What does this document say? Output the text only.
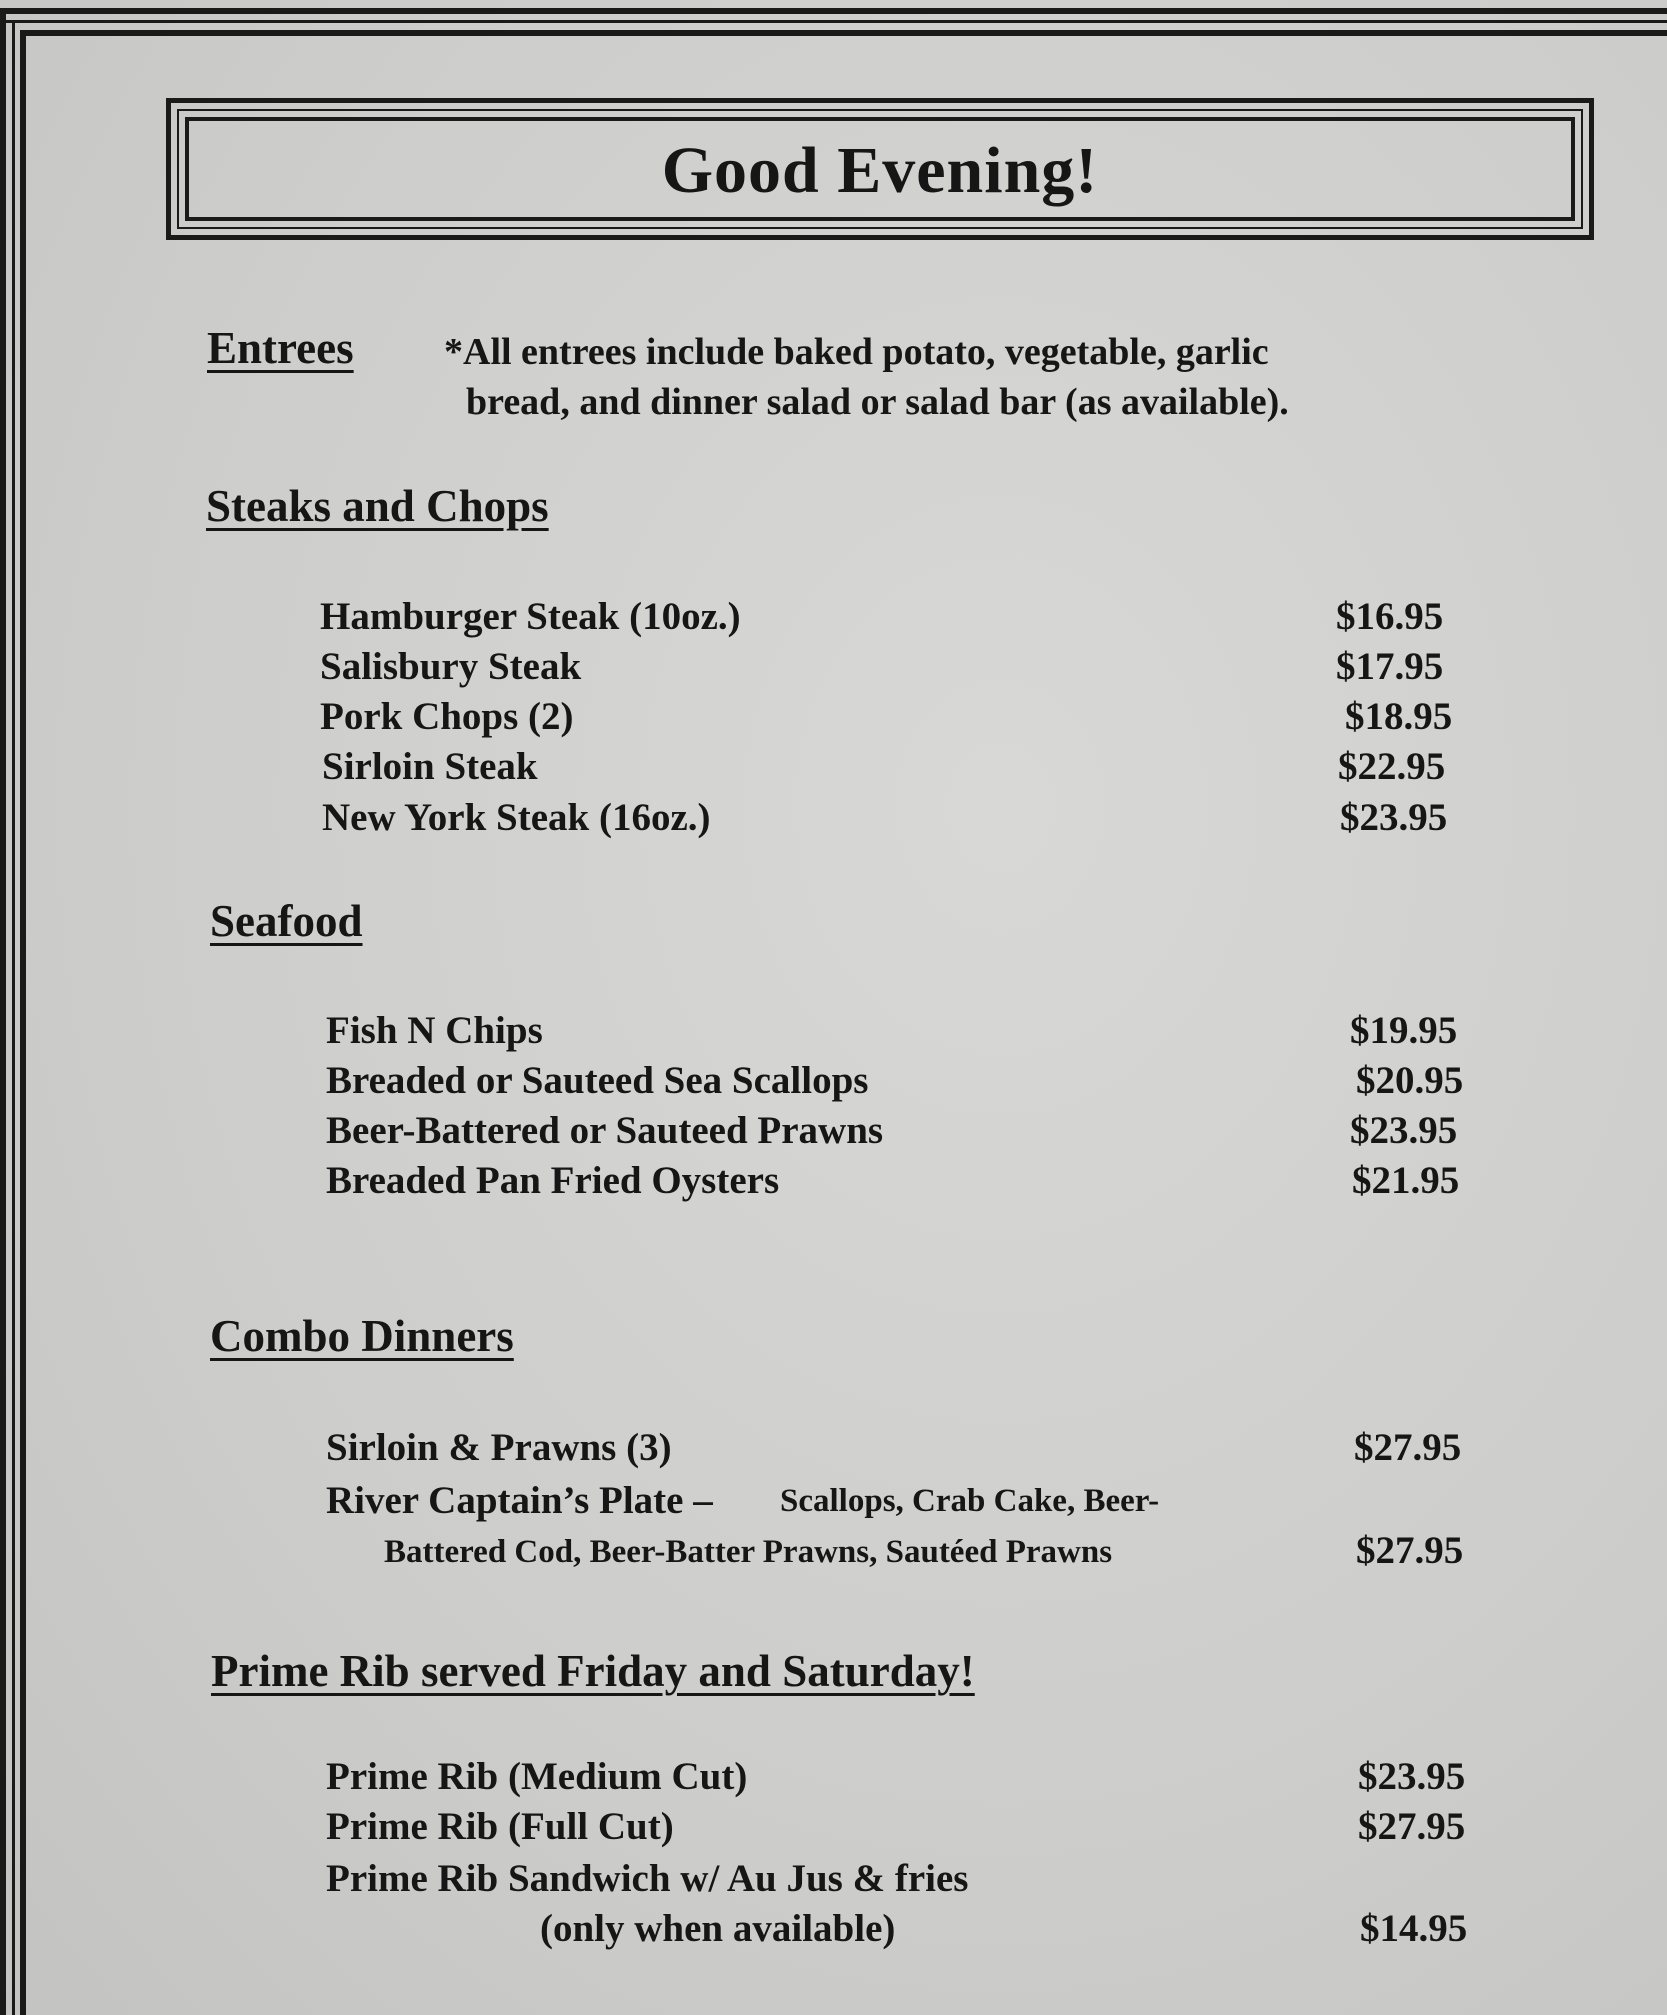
Good Evening!
Entrees *All entrees include baked potato, vegetable, garlic
bread, and dinner salad or salad bar (as available).
Steaks and Chops
Hamburger Steak (10oz.)	$16.95
Salisbury Steak	$17.95
Pork Chops (2)	$18.95
Sirloin Steak	$22.95
New York Steak (16oz.)	$23.95
Seafood
Fish N Chips	$19.95
Breaded or Sauteed Sea Scallops	$20.95
Beer-Battered or Sauteed Prawns	$23.95
Breaded Pan Fried Oysters	$21.95
Combo Dinners
Sirloin & Prawns (3)	$27.95
River Captain’s Plate – Scallops, Crab Cake, Beer-
Battered Cod, Beer-Batter Prawns, Sautéed Prawns	$27.95
Prime Rib served Friday and Saturday!
Prime Rib (Medium Cut)	$23.95
Prime Rib (Full Cut)	$27.95
Prime Rib Sandwich w/ Au Jus & fries
(only when available)	$14.95
